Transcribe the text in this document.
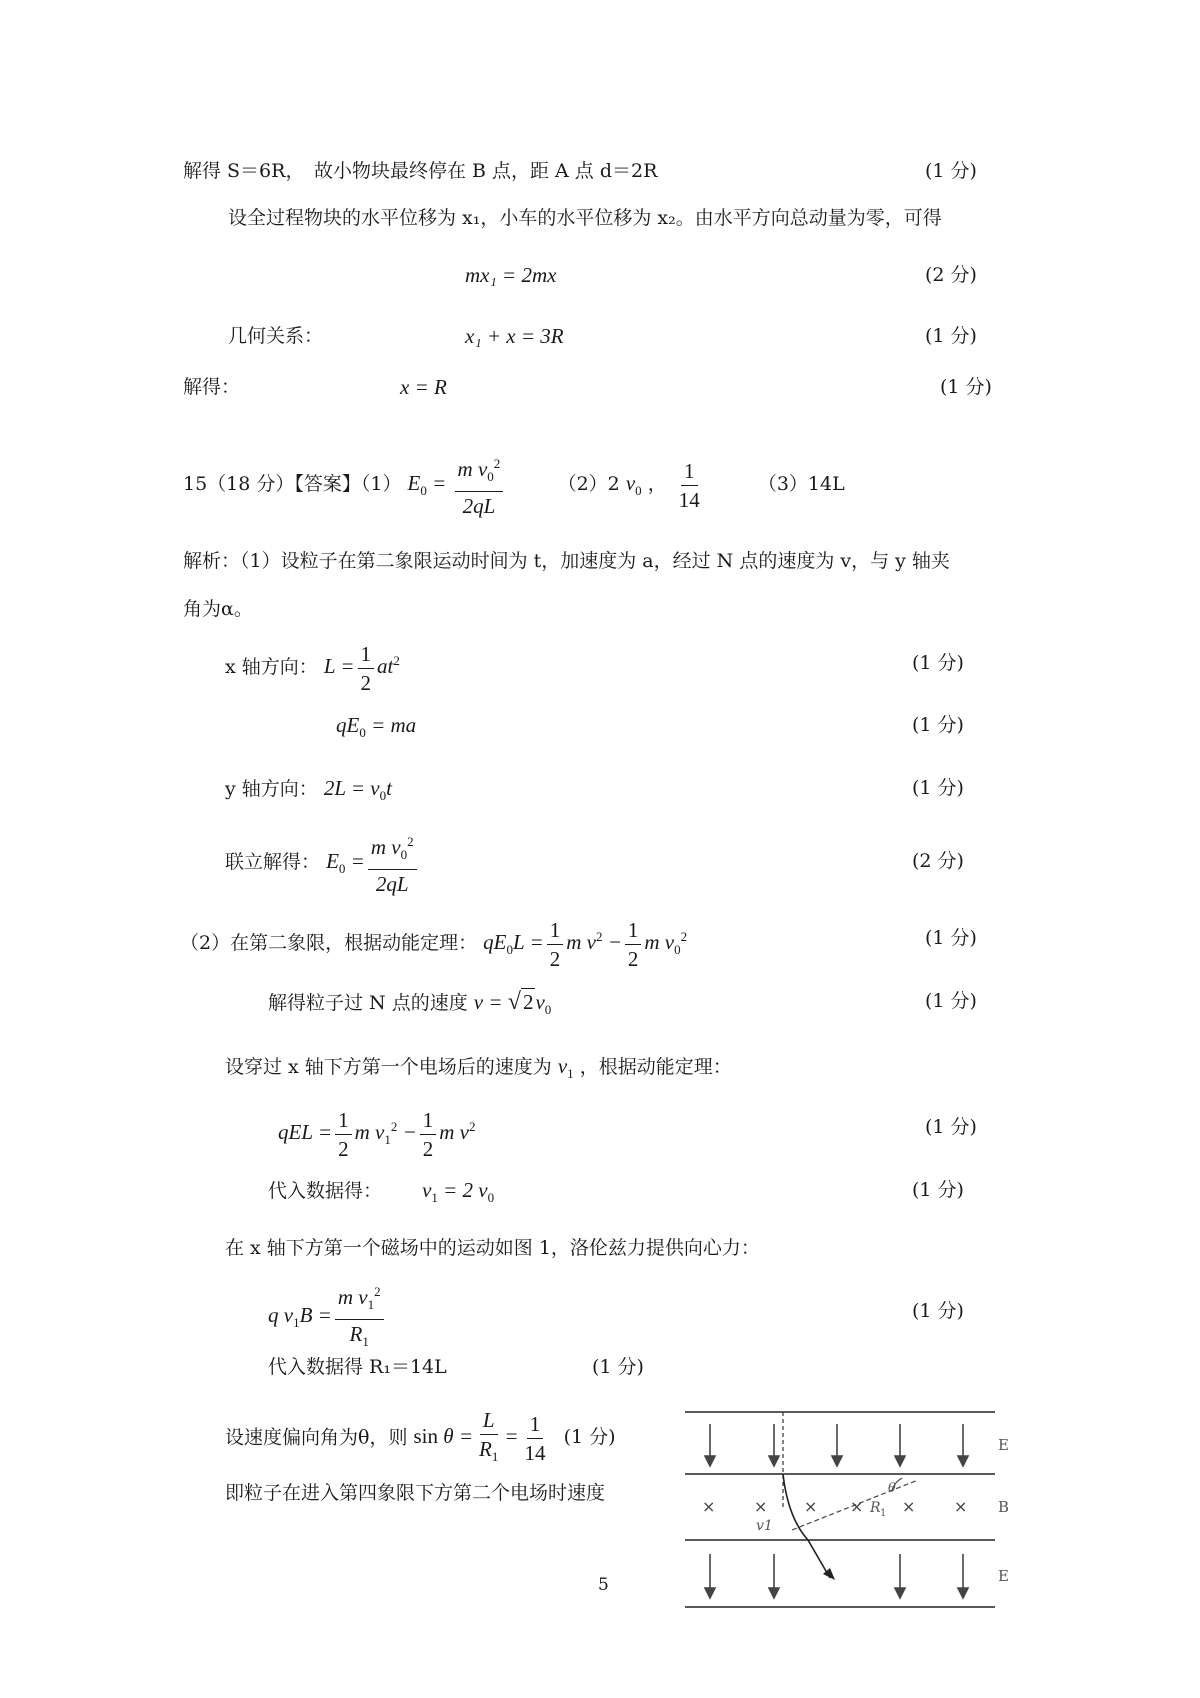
解得 S＝6R，　故小物块最终停在 B 点，距 A 点 d＝2R	(1 分)
设全过程物块的水平位移为 x₁，小车的水平位移为 x₂。由水平方向总动量为零，可得
mx₁ = 2mx	(2 分)
几何关系：	x₁ + x = 3R	(1 分)
解得：	x = R	(1 分)
15（18 分）【答案】（1） $E_0 = \frac{m v_0^2}{2qL}$	（2）2 $v_0$ ， $\frac{1}{14}$	（3）14L
解析：（1）设粒子在第二象限运动时间为 t，加速度为 a，经过 N 点的速度为 v，与 y 轴夹
角为α。
x 轴方向： $L = \frac{1}{2} at^2$	(1 分)
$qE_0$ = ma	(1 分)
y 轴方向： $2L = v_0t$	(1 分)
联立解得： $E_0 = \frac{m v_0^2}{2qL}$	(2 分)
（2）在第二象限，根据动能定理： $qE_0L = \frac{1}{2}$ m $v^2 - \frac{1}{2}$ m $v_0^2$	(1 分)
解得粒子过 N 点的速度 $v = √2v_0$	(1 分)
设穿过 x 轴下方第一个电场后的速度为 $v_1$ ，根据动能定理：
qEL = $\frac{1}{2}$ m $v_1^2 - \frac{1}{2}$ m $v^2$	(1 分)
代入数据得： $v_1 = 2$ $v_0$	(1 分)
在 x 轴下方第一个磁场中的运动如图 1，洛伦兹力提供向心力：
q $v_1B = \frac{m v_1^2}{R_1}$	(1 分)
代入数据得 R₁＝14L	(1 分)
设速度偏向角为θ，则 $\sin \theta = \frac{L}{R_1} = \frac{1}{14} (1$ 分)
即粒子在进入第四象限下方第二个电场时速度
5
× × × × × ×
E
B
E
v1
θ
R 1
